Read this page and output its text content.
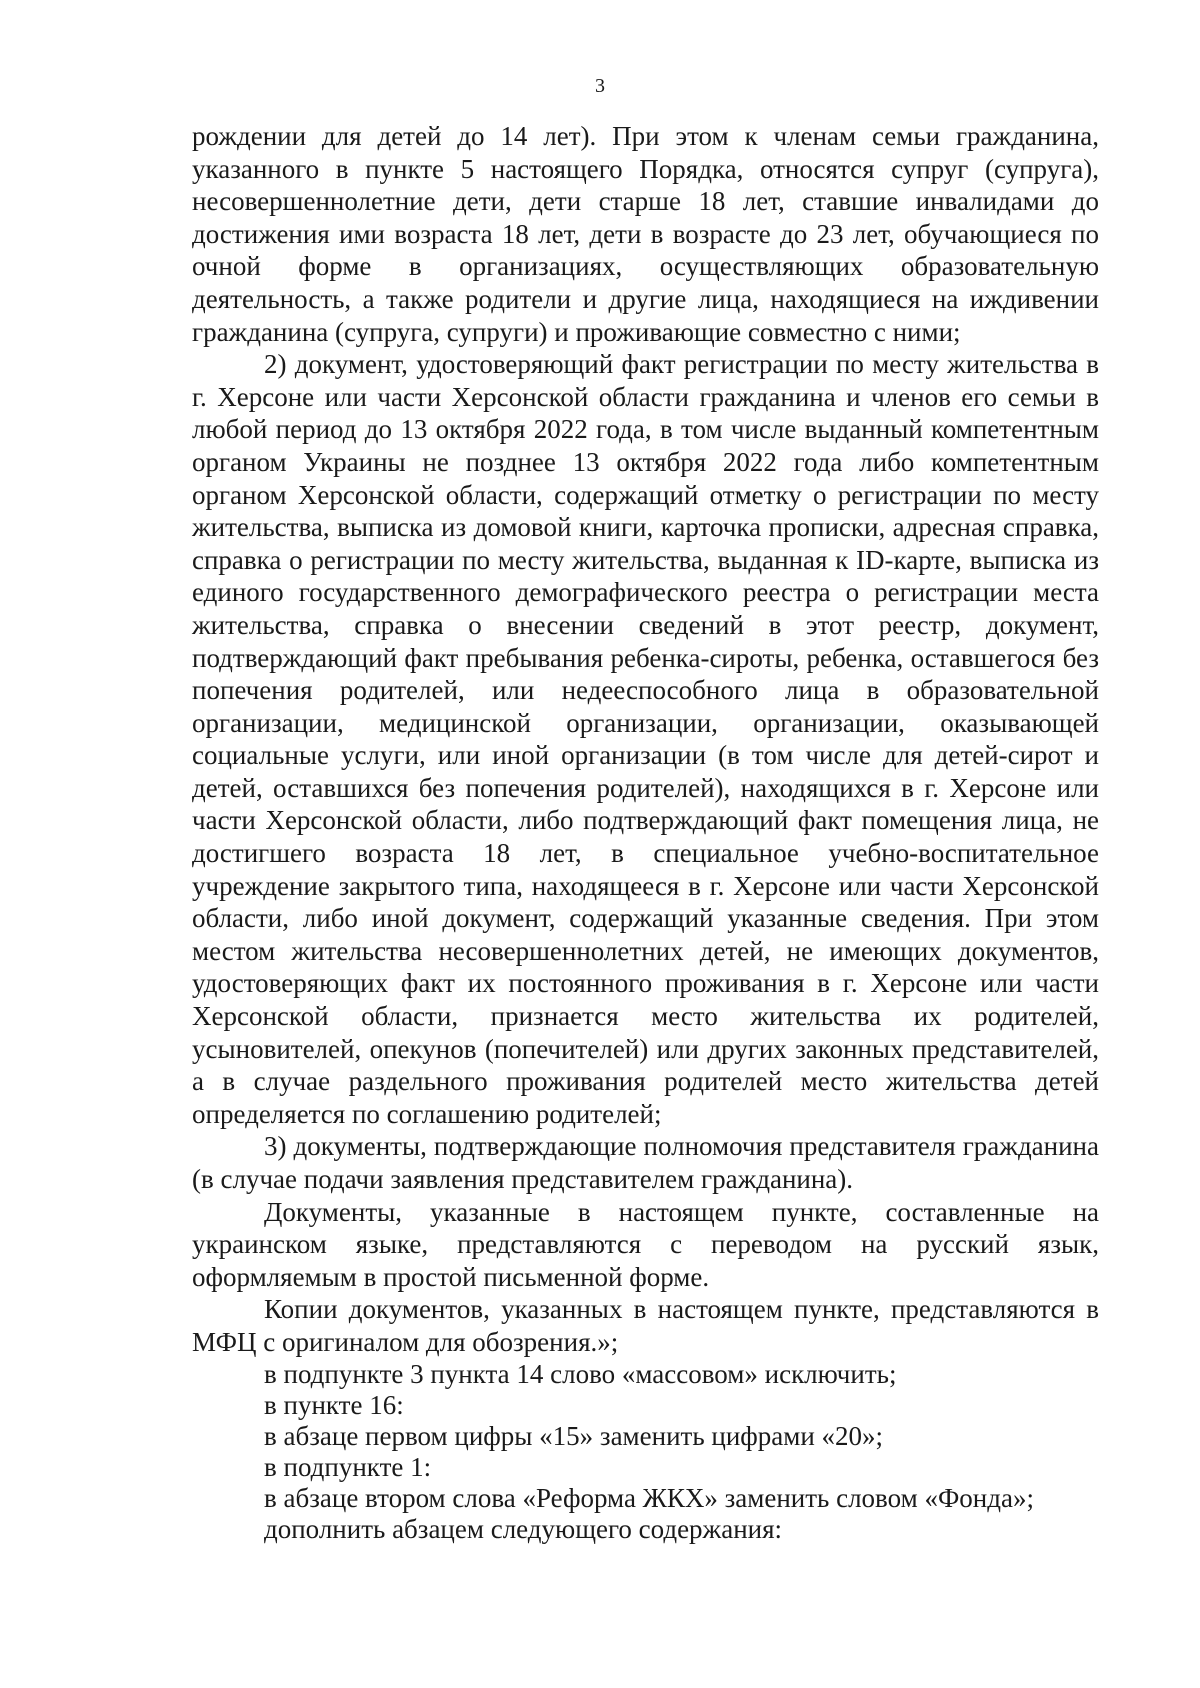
3

рождении для детей до 14 лет). При этом к членам семьи гражданина, указанного в пункте 5 настоящего Порядка, относятся супруг (супруга), несовершеннолетние дети, дети старше 18 лет, ставшие инвалидами до достижения ими возраста 18 лет, дети в возрасте до 23 лет, обучающиеся по очной форме в организациях, осуществляющих образовательную деятельность, а также родители и другие лица, находящиеся на иждивении гражданина (супруга, супруги) и проживающие совместно с ними;

2) документ, удостоверяющий факт регистрации по месту жительства в г. Херсоне или части Херсонской области гражданина и членов его семьи в любой период до 13 октября 2022 года, в том числе выданный компетентным органом Украины не позднее 13 октября 2022 года либо компетентным органом Херсонской области, содержащий отметку о регистрации по месту жительства, выписка из домовой книги, карточка прописки, адресная справка, справка о регистрации по месту жительства, выданная к ID-карте, выписка из единого государственного демографического реестра о регистрации места жительства, справка о внесении сведений в этот реестр, документ, подтверждающий факт пребывания ребенка-сироты, ребенка, оставшегося без попечения родителей, или недееспособного лица в образовательной организации, медицинской организации, организации, оказывающей социальные услуги, или иной организации (в том числе для детей-сирот и детей, оставшихся без попечения родителей), находящихся в г. Херсоне или части Херсонской области, либо подтверждающий факт помещения лица, не достигшего возраста 18 лет, в специальное учебно-воспитательное учреждение закрытого типа, находящееся в г. Херсоне или части Херсонской области, либо иной документ, содержащий указанные сведения. При этом местом жительства несовершеннолетних детей, не имеющих документов, удостоверяющих факт их постоянного проживания в г. Херсоне или части Херсонской области, признается место жительства их родителей, усыновителей, опекунов (попечителей) или других законных представителей, а в случае раздельного проживания родителей место жительства детей определяется по соглашению родителей;

3) документы, подтверждающие полномочия представителя гражданина (в случае подачи заявления представителем гражданина).

Документы, указанные в настоящем пункте, составленные на украинском языке, представляются с переводом на русский язык, оформляемым в простой письменной форме.

Копии документов, указанных в настоящем пункте, представляются в МФЦ с оригиналом для обозрения.»;

в подпункте 3 пункта 14 слово «массовом» исключить;

в пункте 16:

в абзаце первом цифры «15» заменить цифрами «20»;

в подпункте 1:

в абзаце втором слова «Реформа ЖКХ» заменить словом «Фонда»;

дополнить абзацем следующего содержания:
